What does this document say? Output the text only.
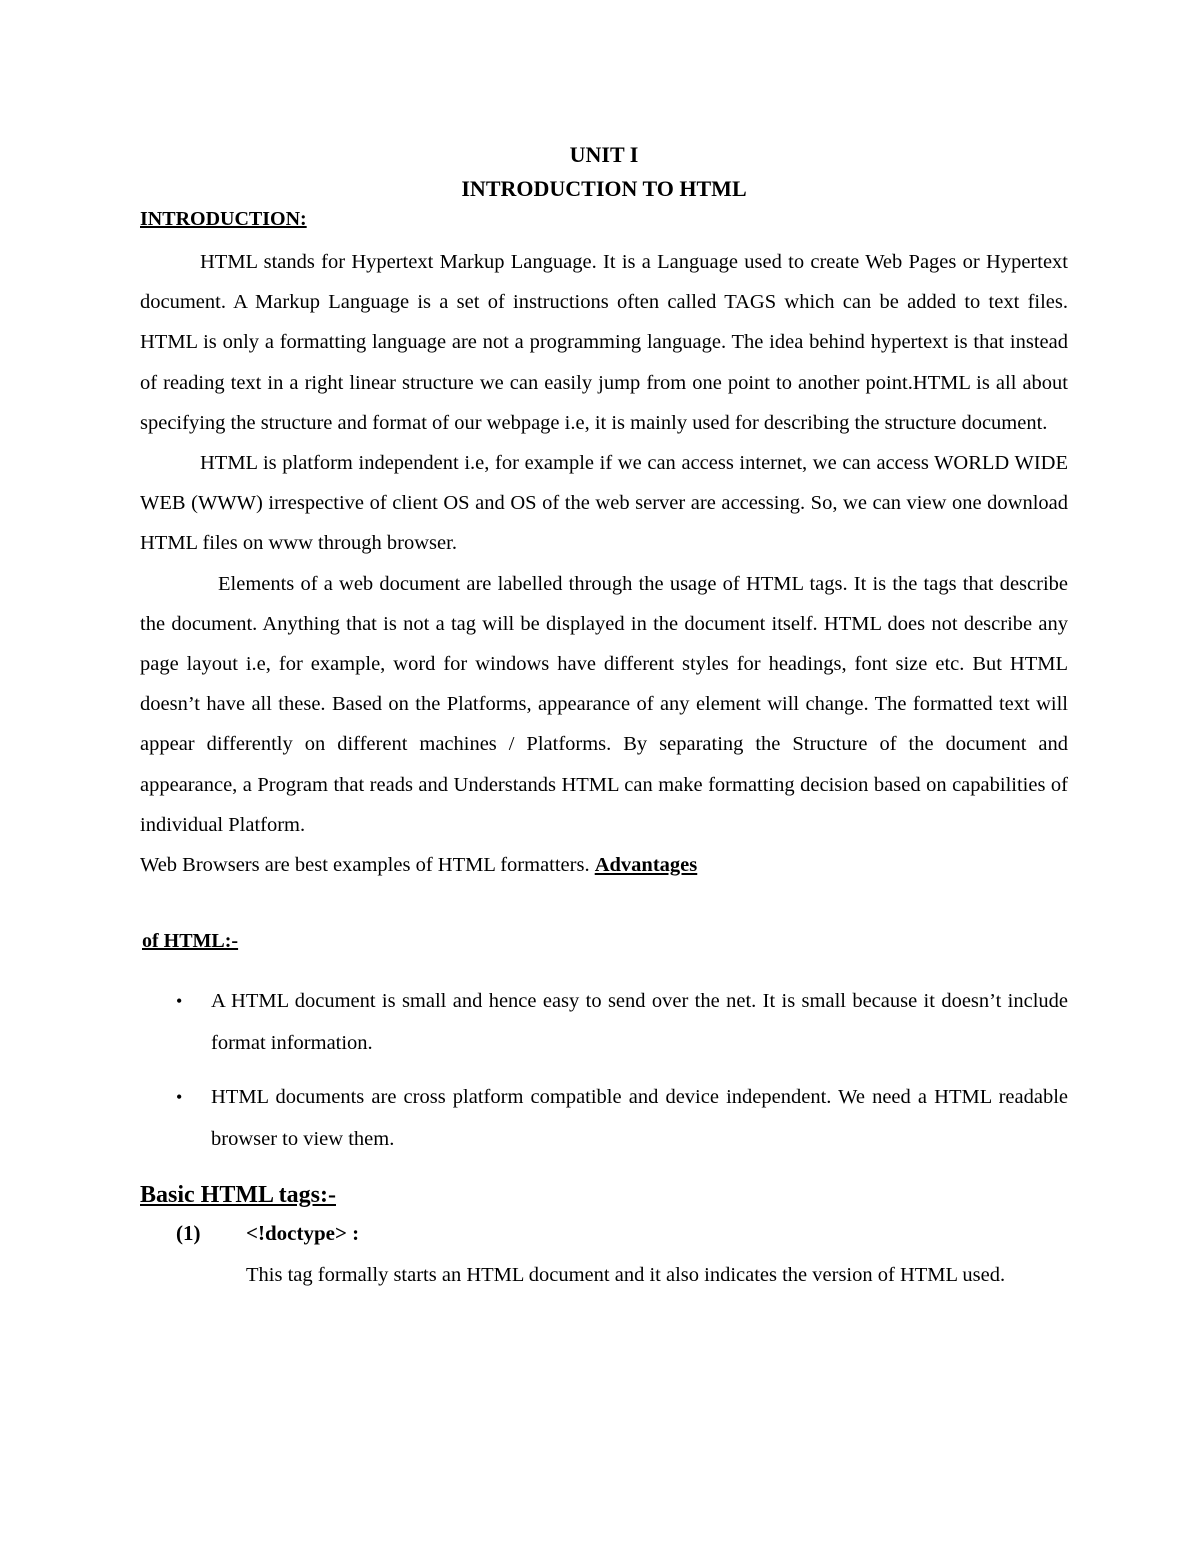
UNIT I
INTRODUCTION TO HTML
INTRODUCTION:

HTML stands for Hypertext Markup Language. It is a Language used to create Web Pages or Hypertext document. A Markup Language is a set of instructions often called TAGS which can be added to text files. HTML is only a formatting language are not a programming language. The idea behind hypertext is that instead of reading text in a right linear structure we can easily jump from one point to another point.HTML is all about specifying the structure and format of our webpage i.e, it is mainly used for describing the structure document.

HTML is platform independent i.e, for example if we can access internet, we can access WORLD WIDE WEB (WWW) irrespective of client OS and OS of the web server are accessing. So, we can view one download HTML files on www through browser.

Elements of a web document are labelled through the usage of HTML tags. It is the tags that describe the document. Anything that is not a tag will be displayed in the document itself. HTML does not describe any page layout i.e, for example, word for windows have different styles for headings, font size etc. But HTML doesn’t have all these. Based on the Platforms, appearance of any element will change. The formatted text will appear differently on different machines / Platforms. By separating the Structure of the document and appearance, a Program that reads and Understands HTML can make formatting decision based on capabilities of individual Platform.

Web Browsers are best examples of HTML formatters. Advantages

of HTML:-
• A HTML document is small and hence easy to send over the net. It is small because it doesn’t include format information.
• HTML documents are cross platform compatible and device independent. We need a HTML readable browser to view them.
Basic HTML tags:-
(1) <!doctype> :
This tag formally starts an HTML document and it also indicates the version of HTML used.
